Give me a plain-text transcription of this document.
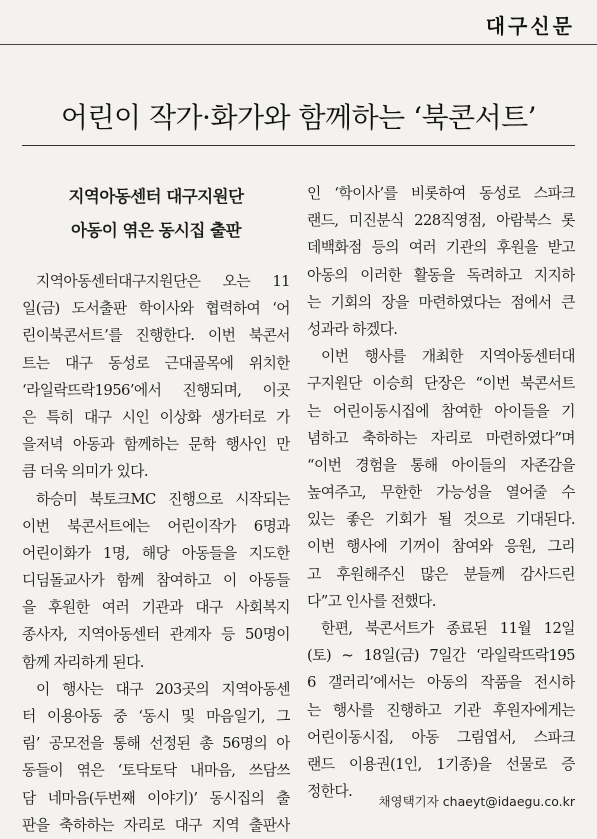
대구신문
어린이 작가·화가와 함께하는 ‘북콘서트’
지역아동센터 대구지원단
아동이 엮은 동시집 출판
지역아동센터대구지원단은 오는 11
일(금) 도서출판 학이사와 협력하여 ‘어
린이북콘서트’를 진행한다. 이번 북콘서
트는 대구 동성로 근대골목에 위치한
‘라일락뜨락1956’에서 진행되며, 이곳
은 특히 대구 시인 이상화 생가터로 가
을저녁 아동과 함께하는 문학 행사인 만
큼 더욱 의미가 있다.
하승미 북토크MC 진행으로 시작되는
이번 북콘서트에는 어린이작가 6명과
어린이화가 1명, 해당 아동들을 지도한
디딤돌교사가 함께 참여하고 이 아동들
을 후원한 여러 기관과 대구 사회복지
종사자, 지역아동센터 관계자 등 50명이
함께 자리하게 된다.
이 행사는 대구 203곳의 지역아동센
터 이용아동 중 ‘동시 및 마음일기, 그
림’ 공모전을 통해 선정된 총 56명의 아
동들이 엮은 ‘토닥토닥 내마음, 쓰담쓰
담 네마음(두번째 이야기)’ 동시집의 출
판을 축하하는 자리로 대구 지역 출판사
인 ‘학이사’를 비롯하여 동성로 스파크
랜드, 미진분식 228직영점, 아람북스 롯
데백화점 등의 여러 기관의 후원을 받고
아동의 이러한 활동을 독려하고 지지하
는 기회의 장을 마련하였다는 점에서 큰
성과라 하겠다.
이번 행사를 개최한 지역아동센터대
구지원단 이승희 단장은 “이번 북콘서트
는 어린이동시집에 참여한 아이들을 기
념하고 축하하는 자리로 마련하였다”며
“이번 경험을 통해 아이들의 자존감을
높여주고, 무한한 가능성을 열어줄 수
있는 좋은 기회가 될 것으로 기대된다.
이번 행사에 기꺼이 참여와 응원, 그리
고 후원해주신 많은 분들께 감사드린
다”고 인사를 전했다.
한편, 북콘서트가 종료된 11월 12일
(토) ~ 18일(금) 7일간 ‘라일락뜨락195
6 갤러리’에서는 아동의 작품을 전시하
는 행사를 진행하고 기관 후원자에게는
어린이동시집, 아동 그림엽서, 스파크
랜드 이용권(1인, 1기종)을 선물로 증
정한다.
채영택기자 chaeyt@idaegu.co.kr
